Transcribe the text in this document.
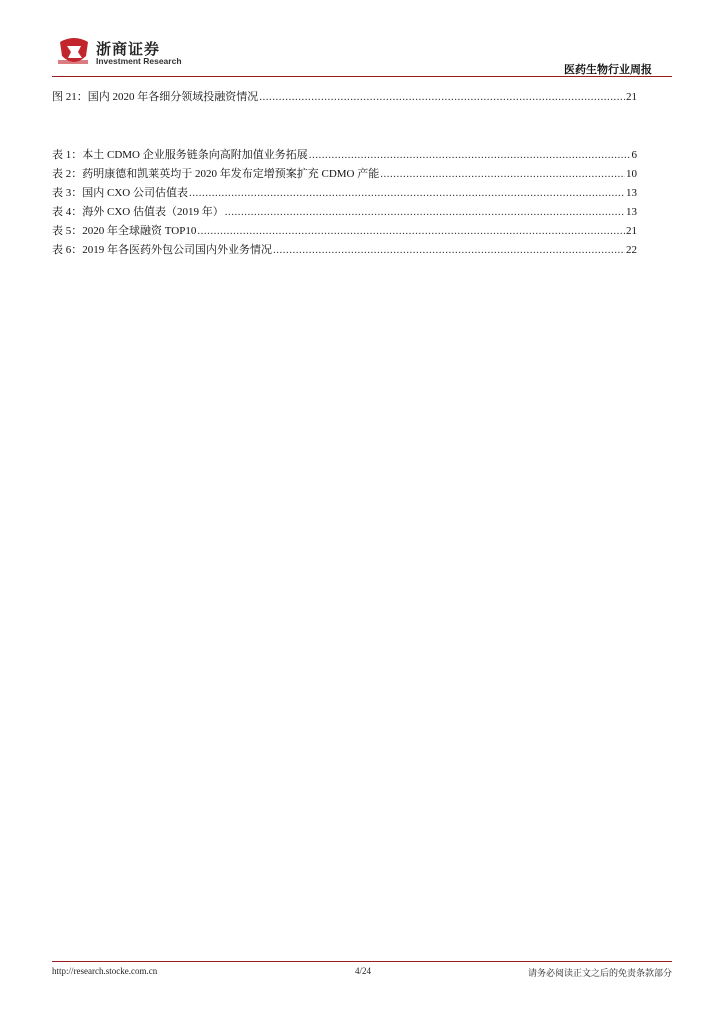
浙商证券
Investment Research
医药生物行业周报
图 21：国内 2020 年各细分领域投融资情况 .....	21
表 1：本土 CDMO 企业服务链条向高附加值业务拓展 .....	6
表 2：药明康德和凯莱英均于 2020 年发布定增预案扩充 CDMO 产能 .....	10
表 3：国内 CXO 公司估值表 .....	13
表 4：海外 CXO 估值表（2019 年） .....	13
表 5：2020 年全球融资 TOP10 .....	21
表 6：2019 年各医药外包公司国内外业务情况 .....	22
http://research.stocke.com.cn	4/24	请务必阅读正文之后的免责条款部分
